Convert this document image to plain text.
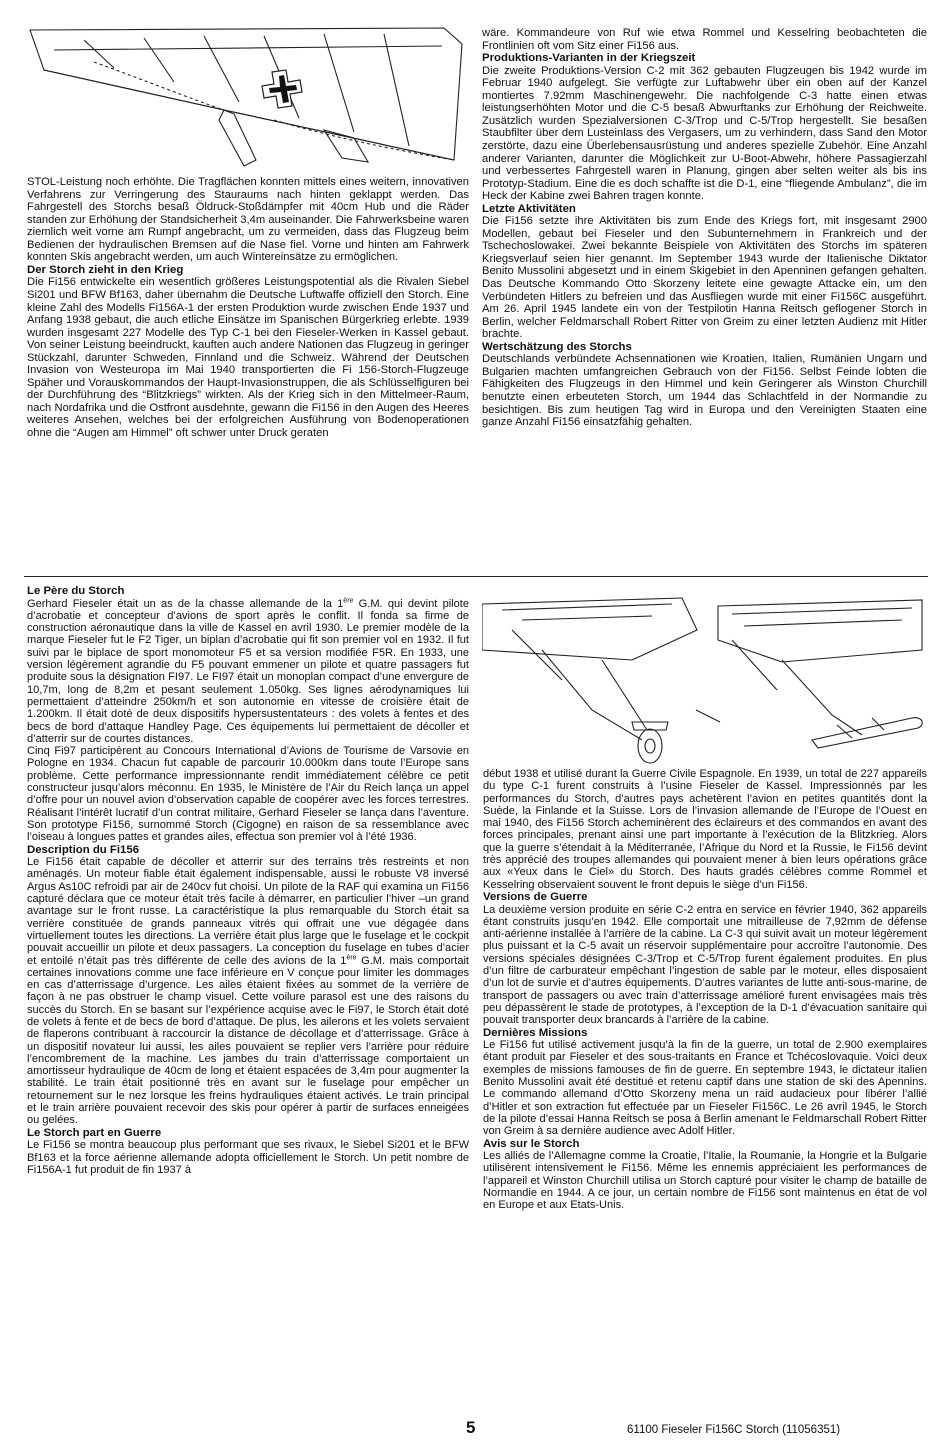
STOL-Leistung noch erhöhte. Die Tragflächen konnten mittels eines weitern, innovativen Verfahrens zur Verringerung des Stauraums nach hinten geklappt werden. Das Fahrgestell des Storchs besaß Öldruck-Stoßdämpfer mit 40cm Hub und die Räder standen zur Erhöhung der Standsicherheit 3,4m auseinander. Die Fahrwerksbeine waren ziemlich weit vorne am Rumpf angebracht, um zu vermeiden, dass das Flugzeug beim Bedienen der hydraulischen Bremsen auf die Nase fiel. Vorne und hinten am Fahrwerk konnten Skis angebracht werden, um auch Wintereinsätze zu ermöglichen.

Der Storch zieht in den Krieg

Die Fi156 entwickelte ein wesentlich größeres Leistungspotential als die Rivalen Siebel Si201 und BFW Bf163, daher übernahm die Deutsche Luftwaffe offiziell den Storch. Eine kleine Zahl des Modells Fi156A-1 der ersten Produktion wurde zwischen Ende 1937 und Anfang 1938 gebaut, die auch etliche Einsätze im Spanischen Bürgerkrieg erlebte. 1939 wurden insgesamt 227 Modelle des Typ C-1 bei den Fieseler-Werken in Kassel gebaut. Von seiner Leistung beeindruckt, kauften auch andere Nationen das Flugzeug in geringer Stückzahl, darunter Schweden, Finnland und die Schweiz. Während der Deutschen Invasion von Westeuropa im Mai 1940 transportierten die Fi 156-Storch-Flugzeuge Späher und Vorauskommandos der Haupt-Invasionstruppen, die als Schlüsselfiguren bei der Durchführung des “Blitzkriegs” wirkten. Als der Krieg sich in den Mittelmeer-Raum, nach Nordafrika und die Ostfront ausdehnte, gewann die Fi156 in den Augen des Heeres weiteres Ansehen, welches bei der erfolgreichen Ausführung von Bodenoperationen ohne die “Augen am Himmel” oft schwer unter Druck geraten

wäre. Kommandeure von Ruf wie etwa Rommel und Kesselring beobachteten die Frontlinien oft vom Sitz einer Fi156 aus.

Produktions-Varianten in der Kriegszeit

Die zweite Produktions-Version C-2 mit 362 gebauten Flugzeugen bis 1942 wurde im Februar 1940 aufgelegt. Sie verfügte zur Luftabwehr über ein oben auf der Kanzel montiertes 7.92mm Maschinengewehr. Die nachfolgende C-3 hatte einen etwas leistungserhöhten Motor und die C-5 besaß Abwurftanks zur Erhöhung der Reichweite. Zusätzlich wurden Spezialversionen C-3/Trop und C-5/Trop hergestellt. Sie besaßen Staubfilter über dem Lusteinlass des Vergasers, um zu verhindern, dass Sand den Motor zerstörte, dazu eine Überlebensausrüstung und anderes spezielle Zubehör. Eine Anzahl anderer Varianten, darunter die Möglichkeit zur U-Boot-Abwehr, höhere Passagierzahl und verbessertes Fahrgestell waren in Planung, gingen aber selten weiter als bis ins Prototyp-Stadium. Eine die es doch schaffte ist die D-1, eine “fliegende Ambulanz”, die im Heck der Kabine zwei Bahren tragen konnte.

Letzte Aktivitäten

Die Fi156 setzte ihre Aktivitäten bis zum Ende des Kriegs fort, mit insgesamt 2900 Modellen, gebaut bei Fieseler und den Subunternehmern in Frankreich und der Tschechoslowakei. Zwei bekannte Beispiele von Aktivitäten des Storchs im späteren Kriegsverlauf seien hier genannt. Im September 1943 wurde der Italienische Diktator Benito Mussolini abgesetzt und in einem Skigebiet in den Apenninen gefangen gehalten. Das Deutsche Kommando Otto Skorzeny leitete eine gewagte Attacke ein, um den Verbündeten Hitlers zu befreien und das Ausfliegen wurde mit einer Fi156C ausgeführt. Am 26. April 1945 landete ein von der Testpilotin Hanna Reitsch geflogener Storch in Berlin, welcher Feldmarschall Robert Ritter von Greim zu einer letzten Audienz mit Hitler brachte.

Wertschätzung des Storchs

Deutschlands verbündete Achsennationen wie Kroatien, Italien, Rumänien Ungarn und Bulgarien machten umfangreichen Gebrauch von der Fi156. Selbst Feinde lobten die Fähigkeiten des Flugzeugs in den Himmel und kein Geringerer als Winston Churchill benutzte einen erbeuteten Storch, um 1944 das Schlachtfeld in der Normandie zu besichtigen. Bis zum heutigen Tag wird in Europa und den Vereinigten Staaten eine ganze Anzahl Fi156 einsatzfähig gehalten.

Le Père du Storch

Gerhard Fieseler était un as de la chasse allemande de la 1ère G.M. qui devint pilote d’acrobatie et concepteur d’avions de sport après le conflit. Il fonda sa firme de construction aéronautique dans la ville de Kassel en avril 1930. Le premier modèle de la marque Fieseler fut le F2 Tiger, un biplan d’acrobatie qui fit son premier vol en 1932. Il fut suivi par le biplace de sport monomoteur F5 et sa version modifiée F5R. En 1933, une version légèrement agrandie du F5 pouvant emmener un pilote et quatre passagers fut produite sous la désignation FI97. Le FI97 était un monoplan compact d’une envergure de 10,7m, long de 8,2m et pesant seulement 1.050kg. Ses lignes aérodynamiques lui permettaient d’atteindre 250km/h et son autonomie en vitesse de croisière était de 1.200km. Il était doté de deux dispositifs hypersustentateurs : des volets à fentes et des becs de bord d’attaque Handley Page. Ces équipements lui permettaient de décoller et d’atterrir sur de courtes distances.

Cinq Fi97 participèrent au Concours International d’Avions de Tourisme de Varsovie en Pologne en 1934. Chacun fut capable de parcourir 10.000km dans toute l’Europe sans problème. Cette performance impressionnante rendit immédiatement célèbre ce petit constructeur jusqu’alors méconnu. En 1935, le Ministère de l’Air du Reich lança un appel d’offre pour un nouvel avion d’observation capable de coopérer avec les forces terrestres. Réalisant l’intérêt lucratif d’un contrat militaire, Gerhard Fieseler se lança dans l’aventure. Son prototype Fi156, surnommé Storch (Cigogne) en raison de sa ressemblance avec l’oiseau à longues pattes et grandes ailes, effectua son premier vol à l’été 1936.

Description du Fi156

Le Fi156 était capable de décoller et atterrir sur des terrains très restreints et non aménagés. Un moteur fiable était également indispensable, aussi le robuste V8 inversé Argus As10C refroidi par air de 240cv fut choisi. Un pilote de la RAF qui examina un Fi156 capturé déclara que ce moteur était très facile à démarrer, en particulier l’hiver –un grand avantage sur le front russe. La caractéristique la plus remarquable du Storch était sa verrière constituée de grands panneaux vitrés qui offrait une vue dégagée dans virtuellement toutes les directions. La verrière était plus large que le fuselage et le cockpit pouvait accueillir un pilote et deux passagers. La conception du fuselage en tubes d’acier et entoilé n’était pas très différente de celle des avions de la 1ère G.M. mais comportait certaines innovations comme une face inférieure en V conçue pour limiter les dommages en cas d’atterrissage d’urgence. Les ailes étaient fixées au sommet de la verrière de façon à ne pas obstruer le champ visuel. Cette voilure parasol est une des raisons du succès du Storch. En se basant sur l’expérience acquise avec le Fi97, le Storch était doté de volets à fente et de becs de bord d’attaque. De plus, les ailerons et les volets servaient de flaperons contribuant à raccourcir la distance de décollage et d’atterrissage. Grâce à un dispositif novateur lui aussi, les ailes pouvaient se replier vers l’arrière pour réduire l’encombrement de la machine. Les jambes du train d’atterrissage comportaient un amortisseur hydraulique de 40cm de long et étaient espacées de 3,4m pour augmenter la stabilité. Le train était positionné très en avant sur le fuselage pour empêcher un retournement sur le nez lorsque les freins hydrauliques étaient activés. Le train principal et le train arrière pouvaient recevoir des skis pour opérer à partir de surfaces enneigées ou gelées.

Le Storch part en Guerre

Le Fi156 se montra beaucoup plus performant que ses rivaux, le Siebel Si201 et le BFW Bf163 et la force aérienne allemande adopta officiellement le Storch. Un petit nombre de Fi156A-1 fut produit de fin 1937 à

début 1938 et utilisé durant la Guerre Civile Espagnole. En 1939, un total de 227 appareils du type C-1 furent construits à l’usine Fieseler de Kassel. Impressionnés par les performances du Storch, d’autres pays achetèrent l’avion en petites quantités dont la Suède, la Finlande et la Suisse. Lors de l’invasion allemande de l’Europe de l’Ouest en mai 1940, des Fi156 Storch acheminèrent des éclaireurs et des commandos en avant des forces principales, prenant ainsi une part importante à l’exécution de la Blitzkrieg. Alors que la guerre s’étendait à la Méditerranée, l’Afrique du Nord et la Russie, le Fi156 devint très apprécié des troupes allemandes qui pouvaient mener à bien leurs opérations grâce aux «Yeux dans le Ciel» du Storch. Des hauts gradés célèbres comme Rommel et Kesselring observaient souvent le front depuis le siège d’un Fi156.

Versions de Guerre

La deuxième version produite en série C-2 entra en service en février 1940, 362 appareils étant construits jusqu’en 1942. Elle comportait une mitrailleuse de 7,92mm de défense anti-aérienne installée à l’arrière de la cabine. La C-3 qui suivit avait un moteur légèrement plus puissant et la C-5 avait un réservoir supplémentaire pour accroître l’autonomie. Des versions spéciales désignées C-3/Trop et C-5/Trop furent également produites. En plus d’un filtre de carburateur empêchant l’ingestion de sable par le moteur, elles disposaient d’un lot de survie et d’autres équipements. D’autres variantes de lutte anti-sous-marine, de transport de passagers ou avec train d’atterrissage amélioré furent envisagées mais très peu dépassèrent le stade de prototypes, à l’exception de la D-1 d’évacuation sanitaire qui pouvait transporter deux brancards à l’arrière de la cabine.

Dernières Missions

Le Fi156 fut utilisé activement jusqu’à la fin de la guerre, un total de 2.900 exemplaires étant produit par Fieseler et des sous-traitants en France et Tchécoslovaquie. Voici deux exemples de missions famouses de fin de guerre. En septembre 1943, le dictateur italien Benito Mussolini avait été destitué et retenu captif dans une station de ski des Apennins. Le commando allemand d’Otto Skorzeny mena un raid audacieux pour libérer l’allié d’Hitler et son extraction fut effectuée par un Fieseler Fi156C. Le 26 avril 1945, le Storch de la pilote d’essai Hanna Reitsch se posa à Berlin amenant le Feldmarschall Robert Ritter von Greim à sa dernière audience avec Adolf Hitler.

Avis sur le Storch

Les alliés de l’Allemagne comme la Croatie, l’Italie, la Roumanie, la Hongrie et la Bulgarie utilisèrent intensivement le Fi156. Même les ennemis appréciaient les performances de l’appareil et Winston Churchill utilisa un Storch capturé pour visiter le champ de bataille de Normandie en 1944. A ce jour, un certain nombre de Fi156 sont maintenus en état de vol en Europe et aux Etats-Unis.

5	61100 Fieseler Fi156C Storch (11056351)
